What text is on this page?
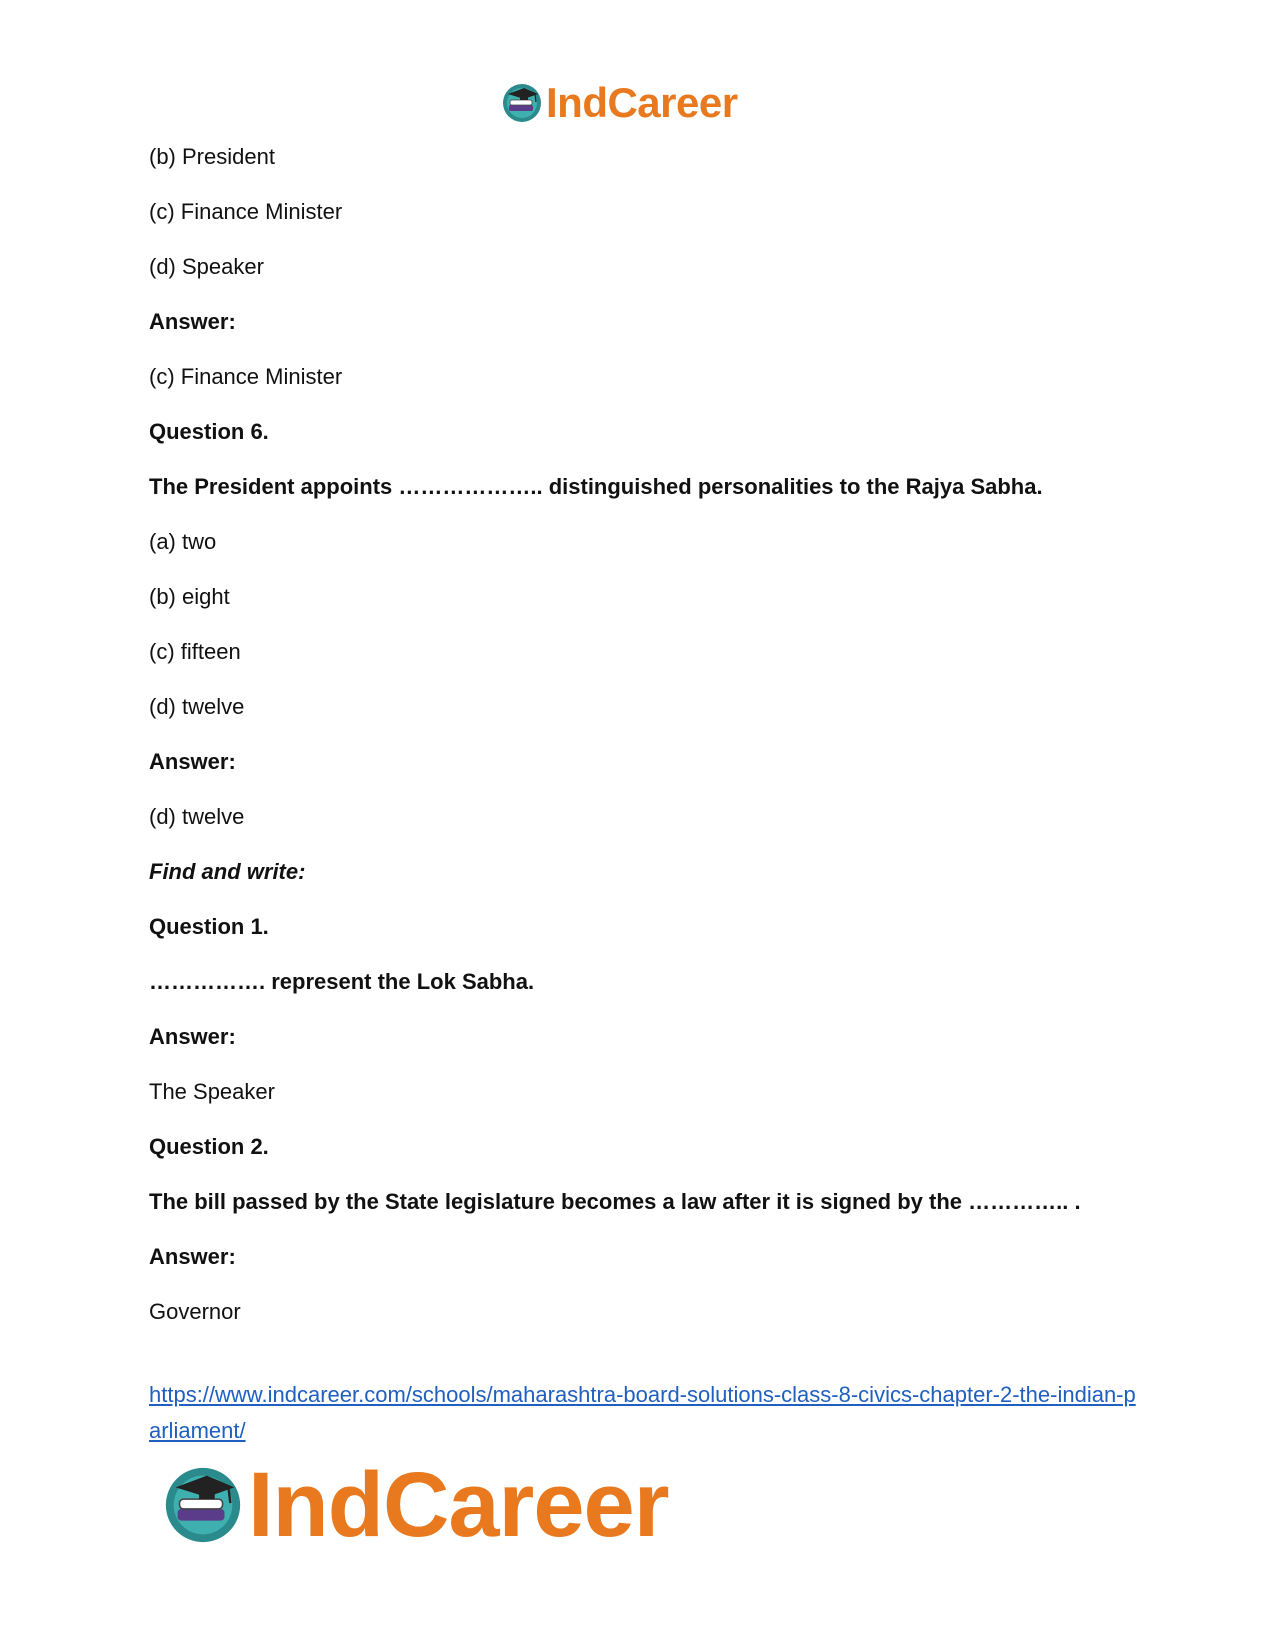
IndCareer
(b) President
(c) Finance Minister
(d) Speaker
Answer:
(c) Finance Minister
Question 6.
The President appoints ……………….. distinguished personalities to the Rajya Sabha.
(a) two
(b) eight
(c) fifteen
(d) twelve
Answer:
(d) twelve
Find and write:
Question 1.
……………. represent the Lok Sabha.
Answer:
The Speaker
Question 2.
The bill passed by the State legislature becomes a law after it is signed by the ………….. .
Answer:
Governor
https://www.indcareer.com/schools/maharashtra-board-solutions-class-8-civics-chapter-2-the-indian-parliament/
IndCareer
